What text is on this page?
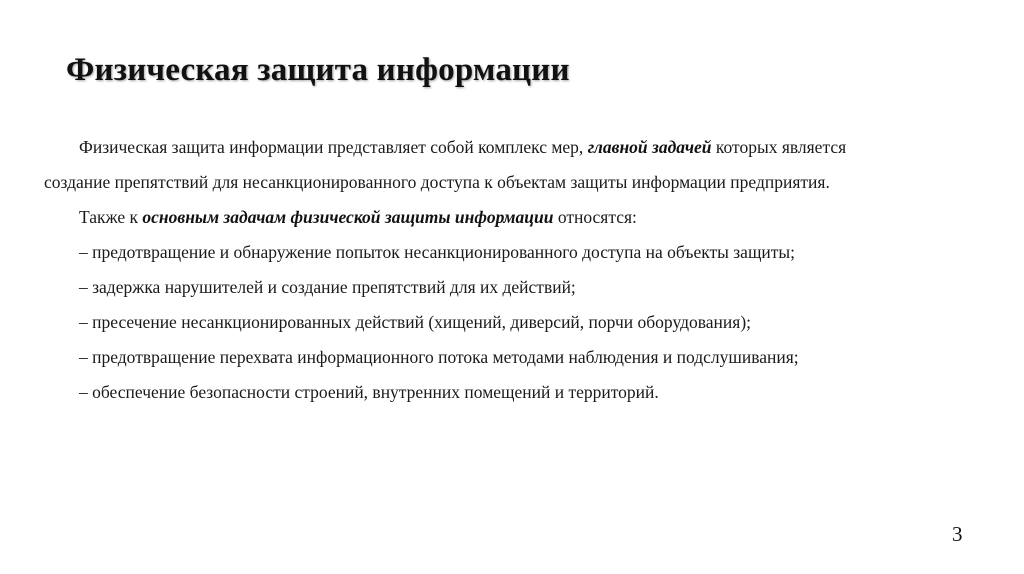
Физическая защита информации
Физическая защита информации представляет собой комплекс мер, главной задачей которых является
создание препятствий для несанкционированного доступа к объектам защиты информации предприятия.
Также к основным задачам физической защиты информации относятся:
– предотвращение и обнаружение попыток несанкционированного доступа на объекты защиты;
– задержка нарушителей и создание препятствий для их действий;
– пресечение несанкционированных действий (хищений, диверсий, порчи оборудования);
– предотвращение перехвата информационного потока методами наблюдения и подслушивания;
– обеспечение безопасности строений, внутренних помещений и территорий.
3
